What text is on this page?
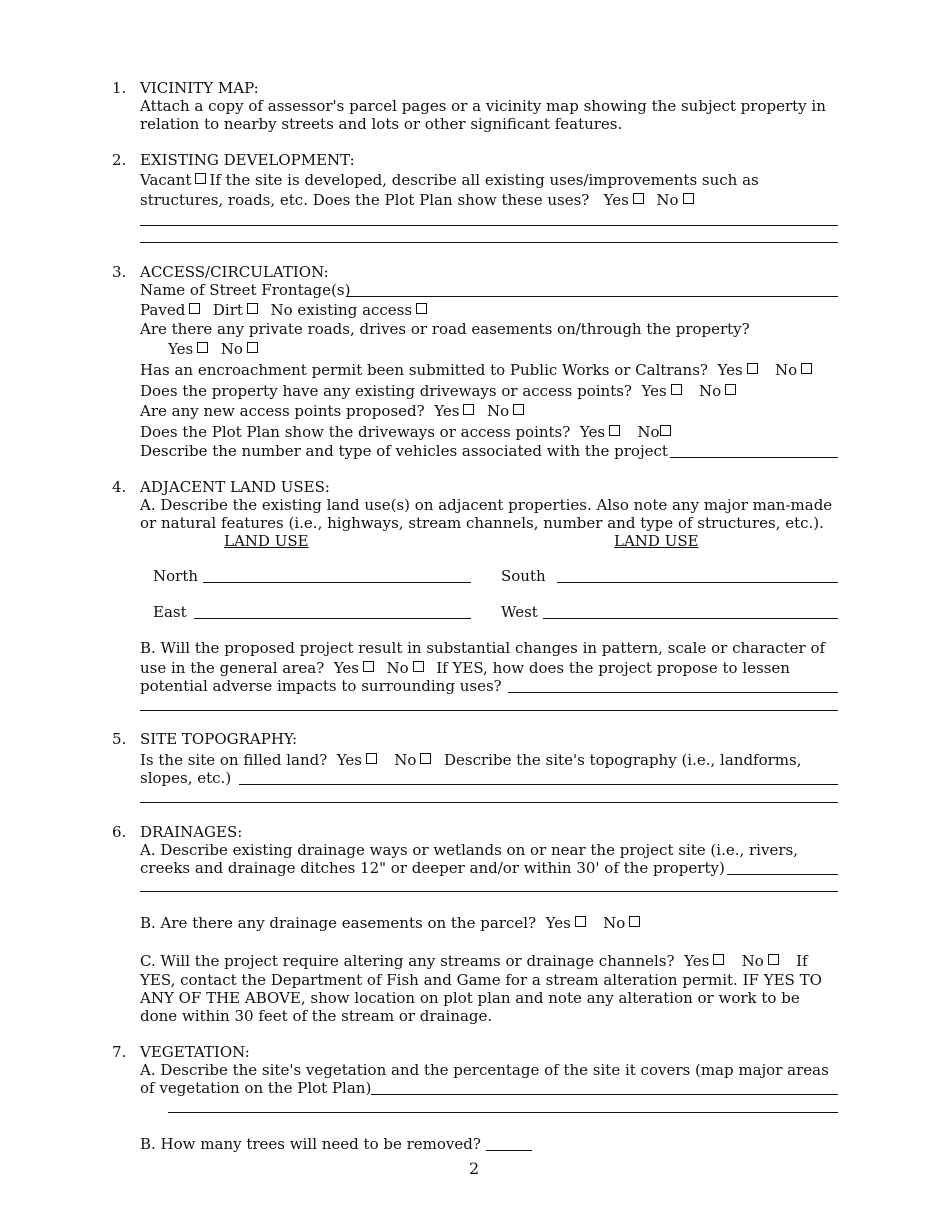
1. VICINITY MAP:
Attach a copy of assessor's parcel pages or a vicinity map showing the subject property in
relation to nearby streets and lots or other significant features.
2. EXISTING DEVELOPMENT:
Vacant If the site is developed, describe all existing uses/improvements such as
structures, roads, etc. Does the Plot Plan show these uses? Yes No
3. ACCESS/CIRCULATION:
Name of Street Frontage(s)
Paved Dirt No existing access
Are there any private roads, drives or road easements on/through the property?
Yes No
Has an encroachment permit been submitted to Public Works or Caltrans? Yes No
Does the property have any existing driveways or access points? Yes No
Are any new access points proposed? Yes No
Does the Plot Plan show the driveways or access points? Yes No
Describe the number and type of vehicles associated with the project
4. ADJACENT LAND USES:
A. Describe the existing land use(s) on adjacent properties. Also note any major man-made
or natural features (i.e., highways, stream channels, number and type of structures, etc.).
LAND USE	LAND USE
North	South
East	West
B. Will the proposed project result in substantial changes in pattern, scale or character of
use in the general area? Yes No If YES, how does the project propose to lessen
potential adverse impacts to surrounding uses?
5. SITE TOPOGRAPHY:
Is the site on filled land? Yes No Describe the site's topography (i.e., landforms,
slopes, etc.)
6. DRAINAGES:
A. Describe existing drainage ways or wetlands on or near the project site (i.e., rivers,
creeks and drainage ditches 12" or deeper and/or within 30' of the property)
B. Are there any drainage easements on the parcel? Yes No
C. Will the project require altering any streams or drainage channels? Yes No If
YES, contact the Department of Fish and Game for a stream alteration permit. IF YES TO
ANY OF THE ABOVE, show location on plot plan and note any alteration or work to be
done within 30 feet of the stream or drainage.
7. VEGETATION:
A. Describe the site's vegetation and the percentage of the site it covers (map major areas
of vegetation on the Plot Plan)
B. How many trees will need to be removed?
2
